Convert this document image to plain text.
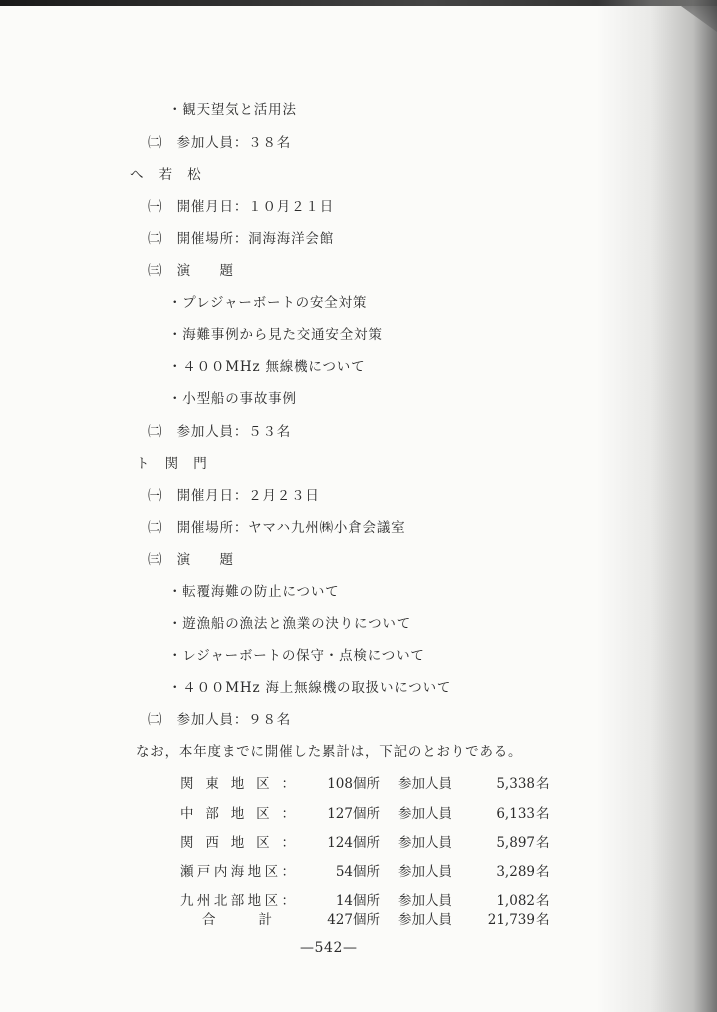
・観天望気と活用法
㈡　参加人員：３８名
へ　若　松
㈠　開催月日：１０月２１日
㈡　開催場所：洞海海洋会館
㈢　演　　題
・プレジャーボートの安全対策
・海難事例から見た交通安全対策
・４００MHz 無線機について
・小型船の事故事例
㈡　参加人員：５３名
ト　関　門
㈠　開催月日：２月２３日
㈡　開催場所：ヤマハ九州㈱小倉会議室
㈢　演　　題
・転覆海難の防止について
・遊漁船の漁法と漁業の決りについて
・レジャーボートの保守・点検について
・４００MHz 海上無線機の取扱いについて
㈡　参加人員：９８名
なお，本年度までに開催した累計は，下記のとおりである。
関東地区：	108個所 参加人員	5,338 名
中部地区：	127個所 参加人員	6,133 名
関西地区：	124個所 参加人員	5,897 名
瀬戸内海地区：	54個所 参加人員	3,289 名
九州北部地区：	14個所 参加人員	1,082 名
合　計	427個所 参加人員	21,739 名
—542—
